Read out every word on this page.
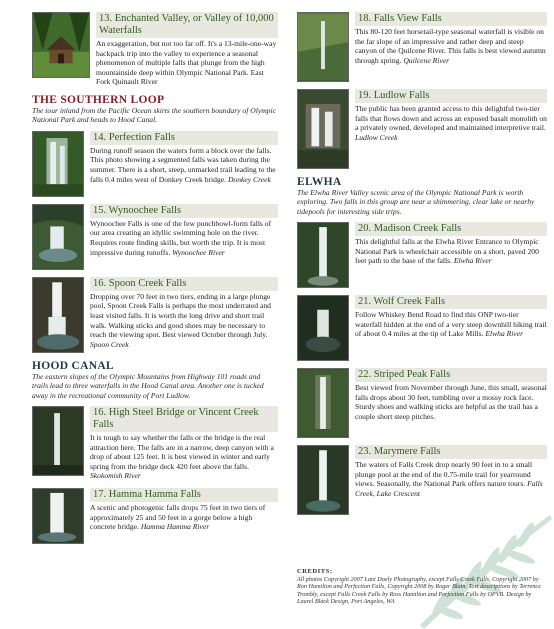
13. Enchanted Valley, or Valley of 10,000 Waterfalls
An exaggeration, but not too far off. It's a 13-mile-one-way backpack trip into the valley to experience a seasonal phenomenon of multiple falls that plunge from the high mountainside deep within Olympic National Park. East Fork Quinault River
THE SOUTHERN LOOP
The tour inland from the Pacific Ocean skirts the southern boundary of Olympic National Park and heads to Hood Canal.
14. Perfection Falls
During runoff season the waters form a block over the falls. This photo showing a segmented falls was taken during the summer. There is a short, steep, unmarked trail leading to the falls 0.4 miles west of Donkey Creek bridge. Donkey Creek
15. Wynoochee Falls
Wynoochee Falls is one of the few punchbowl-form falls of our area creating an idyllic swimming hole on the river. Requires route finding skills, but worth the trip. It is most impressive during runoffs. Wynoochee River
16. Spoon Creek Falls
Dropping over 70 feet in two tiers, ending in a large plunge pool, Spoon Creek Falls is perhaps the most underrated and least visited falls. It is worth the long drive and short trail walk. Walking sticks and good shoes may be necessary to reach the viewing spot. Best viewed October through July. Spoon Creek
HOOD CANAL
The eastern slopes of the Olympic Mountains from Highway 101 roads and trails lead to three waterfalls in the Hood Canal area. Another one is tucked away in the recreational community of Port Ludlow.
16. High Steel Bridge or Vincent Creek Falls
It is tough to say whether the falls or the bridge is the real attraction here. The falls are in a narrow, deep canyon with a drop of about 125 feet. It is best viewed in winter and early spring from the bridge deck 420 feet above the falls. Skokomish River
17. Hamma Hamma Falls
A scenic and photogenic falls drops 75 feet in two tiers of approximately 25 and 50 feet in a gorge below a high concrete bridge. Hamma Hamma River
18. Falls View Falls
This 80-120 feet horsetail-type seasonal waterfall is visible on the far slope of an impressive and rather deep and steep canyon of the Quilcene River. This falls is best viewed autumn through spring. Quilcene River
19. Ludlow Falls
The public has been granted access to this delightful two-tier falls that flows down and across an exposed basalt monolith on a privately owned, developed and maintained interpretive trail. Ludlow Creek
ELWHA
The Elwha River Valley scenic area of the Olympic National Park is worth exploring. Two falls in this group are near a shimmering, clear lake or nearby tidepools for interesting side trips.
20. Madison Creek Falls
This delightful falls at the Elwha River Entrance to Olympic National Park is wheelchair accessible on a short, paved 200 feet path to the base of the falls. Elwha River
21. Wolf Creek Falls
Follow Whiskey Bend Road to find this ONP two-tier waterfall hidden at the end of a very steep downhill hiking trail of about 0.4 miles at the tip of Lake Mills. Elwha River
22. Striped Peak Falls
Best viewed from November through June, this small, seasonal falls drops about 30 feet, tumbling over a mossy rock face. Sturdy shoes and walking sticks are helpful as the trail has a couple short steep pitches.
23. Marymere Falls
The waters of Falls Creek drop nearly 90 feet in to a small plunge pool at the end of the 0.75-mile trail for yearround views. Seasonally, the National Park offers nature tours. Falls Creek, Lake Crescent
CREDITS:
All photos Copyright 2007 Lani Doely Photography, except Falls Creek Falls, Copyright 2007 by Ron Hamilton and Perfection Falls, Copyright 2008 by Roger Blain. Text descriptions by Terrence Trombly, except Falls Creek Falls by Ross Hamilton and Perfection Falls by OPVB. Design by Laurel Black Design, Port Angeles, WA
